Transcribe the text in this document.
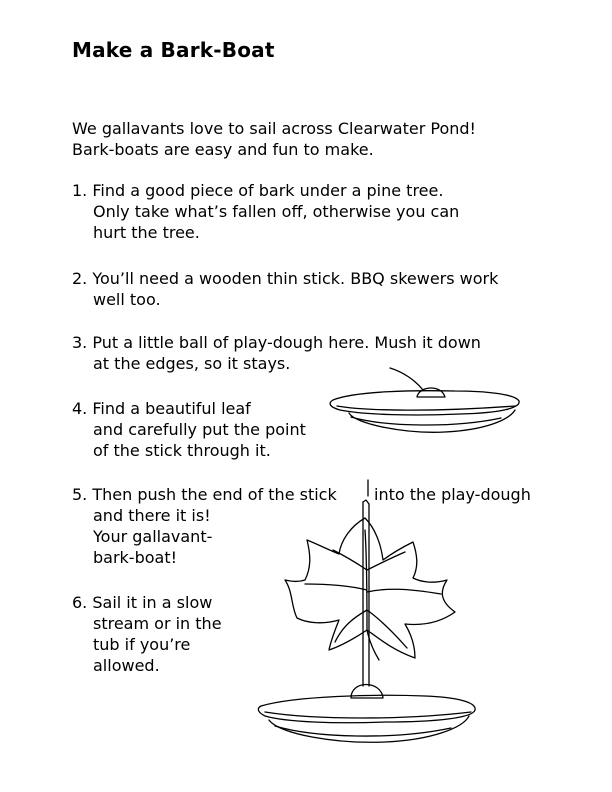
Make a Bark-Boat
We gallavants love to sail across Clearwater Pond!
Bark-boats are easy and fun to make.
1. Find a good piece of bark under a pine tree.
Only take what’s fallen off, otherwise you can
hurt the tree.
2. You’ll need a wooden thin stick. BBQ skewers work
well too.
3. Put a little ball of play-dough here. Mush it down
at the edges, so it stays.
4. Find a beautiful leaf
and carefully put the point
of the stick through it.
5. Then push the end of the stick
and there it is!
Your gallavant-
bark-boat!
into the play-dough
6. Sail it in a slow
stream or in the
tub if you’re
allowed.
